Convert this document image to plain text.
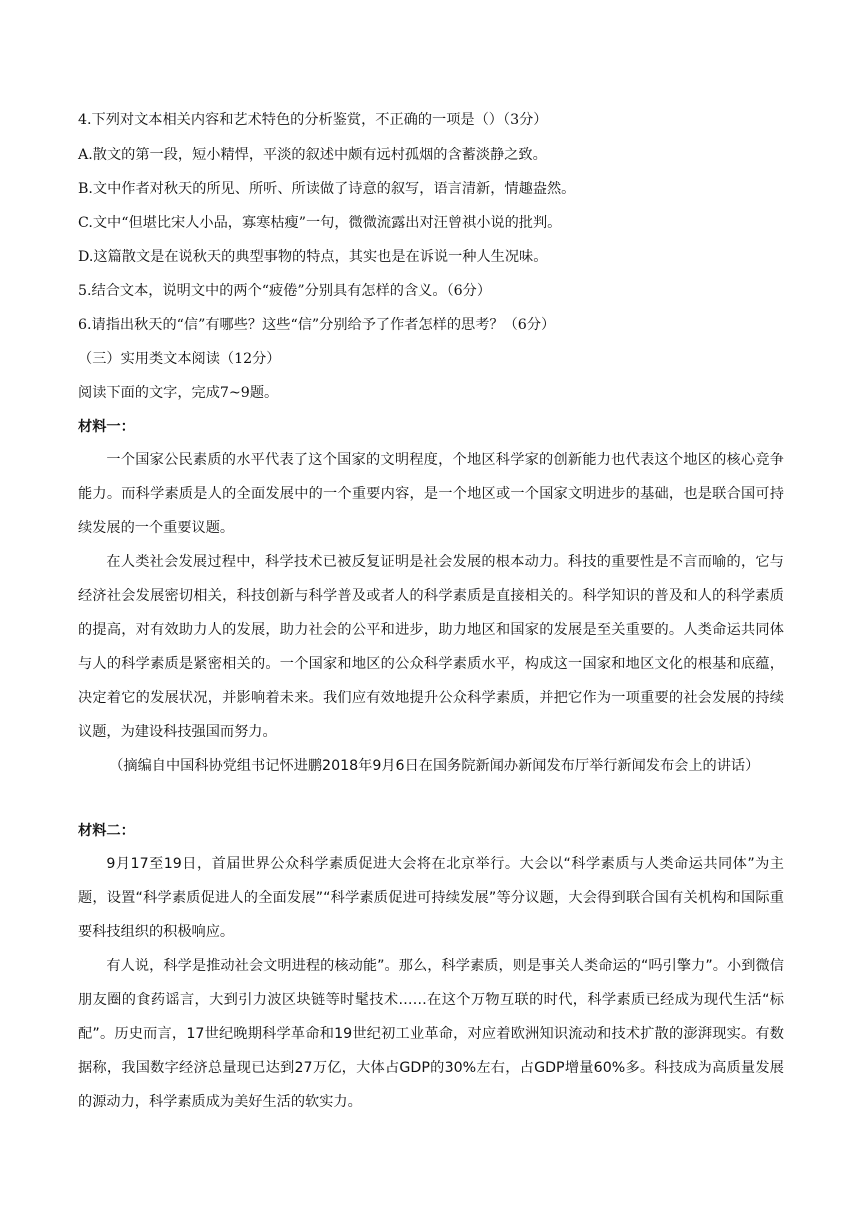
4.下列对文本相关内容和艺术特色的分析鉴赏，不正确的一项是（）（3分）

A.散文的第一段，短小精悍，平淡的叙述中颇有远村孤烟的含蓄淡静之致。

B.文中作者对秋天的所见、所听、所读做了诗意的叙写，语言清新，情趣盎然。

C.文中“但堪比宋人小品，寡寒枯瘦”一句，微微流露出对汪曾祺小说的批判。

D.这篇散文是在说秋天的典型事物的特点，其实也是在诉说一种人生况味。

5.结合文本，说明文中的两个“疲倦”分别具有怎样的含义。（6分）

6.请指出秋天的“信”有哪些？这些“信”分别给予了作者怎样的思考？（6分）

（三）实用类文本阅读（12分）

阅读下面的文字，完成7~9题。

材料一：

一个国家公民素质的水平代表了这个国家的文明程度，个地区科学家的创新能力也代表这个地区的核心竞争能力。而科学素质是人的全面发展中的一个重要内容，是一个地区或一个国家文明进步的基础，也是联合国可持续发展的一个重要议题。

在人类社会发展过程中，科学技术已被反复证明是社会发展的根本动力。科技的重要性是不言而喻的，它与经济社会发展密切相关，科技创新与科学普及或者人的科学素质是直接相关的。科学知识的普及和人的科学素质的提高，对有效助力人的发展，助力社会的公平和进步，助力地区和国家的发展是至关重要的。人类命运共同体与人的科学素质是紧密相关的。一个国家和地区的公众科学素质水平，构成这一国家和地区文化的根基和底蕴，决定着它的发展状况，并影响着未来。我们应有效地提升公众科学素质，并把它作为一项重要的社会发展的持续议题，为建设科技强国而努力。

（摘编自中国科协党组书记怀进鹏2018年9月6日在国务院新闻办新闻发布厅举行新闻发布会上的讲话）

材料二：

9月17至19日，首届世界公众科学素质促进大会将在北京举行。大会以“科学素质与人类命运共同体”为主题，设置“科学素质促进人的全面发展”“科学素质促进可持续发展”等分议题，大会得到联合国有关机构和国际重要科技组织的积极响应。

有人说，科学是推动社会文明进程的核动能”。那么，科学素质，则是事关人类命运的“吗引擎力”。小到微信朋友圈的食药谣言，大到引力波区块链等时髦技术……在这个万物互联的时代，科学素质已经成为现代生活“标配”。历史而言，17世纪晚期科学革命和19世纪初工业革命，对应着欧洲知识流动和技术扩散的澎湃现实。有数据称，我国数字经济总量现已达到27万亿，大体占GDP的30%左右，占GDP增量60%多。科技成为高质量发展的源动力，科学素质成为美好生活的软实力。
